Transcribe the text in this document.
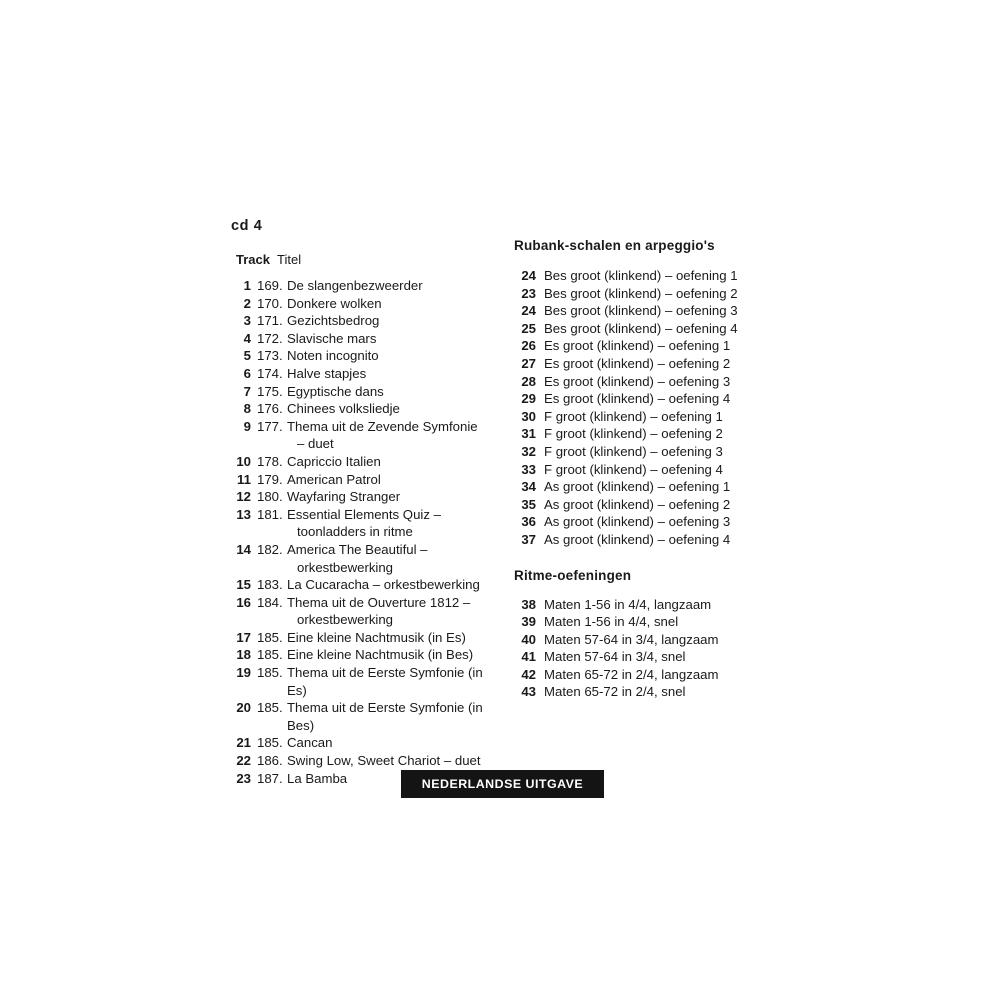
cd 4
Track Titel
1 169. De slangenbezweerder
2 170. Donkere wolken
3 171. Gezichtsbedrog
4 172. Slavische mars
5 173. Noten incognito
6 174. Halve stapjes
7 175. Egyptische dans
8 176. Chinees volksliedje
9 177. Thema uit de Zevende Symfonie
– duet
10 178. Capriccio Italien
11 179. American Patrol
12 180. Wayfaring Stranger
13 181. Essential Elements Quiz –
toonladders in ritme
14 182. America The Beautiful –
orkestbewerking
15 183. La Cucaracha – orkestbewerking
16 184. Thema uit de Ouverture 1812 –
orkestbewerking
17 185. Eine kleine Nachtmusik (in Es)
18 185. Eine kleine Nachtmusik (in Bes)
19 185. Thema uit de Eerste Symfonie (in Es)
20 185. Thema uit de Eerste Symfonie (in Bes)
21 185. Cancan
22 186. Swing Low, Sweet Chariot – duet
23 187. La Bamba
Rubank-schalen en arpeggio's
24 Bes groot (klinkend) – oefening 1
23 Bes groot (klinkend) – oefening 2
24 Bes groot (klinkend) – oefening 3
25 Bes groot (klinkend) – oefening 4
26 Es groot (klinkend) – oefening 1
27 Es groot (klinkend) – oefening 2
28 Es groot (klinkend) – oefening 3
29 Es groot (klinkend) – oefening 4
30 F groot (klinkend) – oefening 1
31 F groot (klinkend) – oefening 2
32 F groot (klinkend) – oefening 3
33 F groot (klinkend) – oefening 4
34 As groot (klinkend) – oefening 1
35 As groot (klinkend) – oefening 2
36 As groot (klinkend) – oefening 3
37 As groot (klinkend) – oefening 4
Ritme-oefeningen
38 Maten 1-56 in 4/4, langzaam
39 Maten 1-56 in 4/4, snel
40 Maten 57-64 in 3/4, langzaam
41 Maten 57-64 in 3/4, snel
42 Maten 65-72 in 2/4, langzaam
43 Maten 65-72 in 2/4, snel
NEDERLANDSE UITGAVE
